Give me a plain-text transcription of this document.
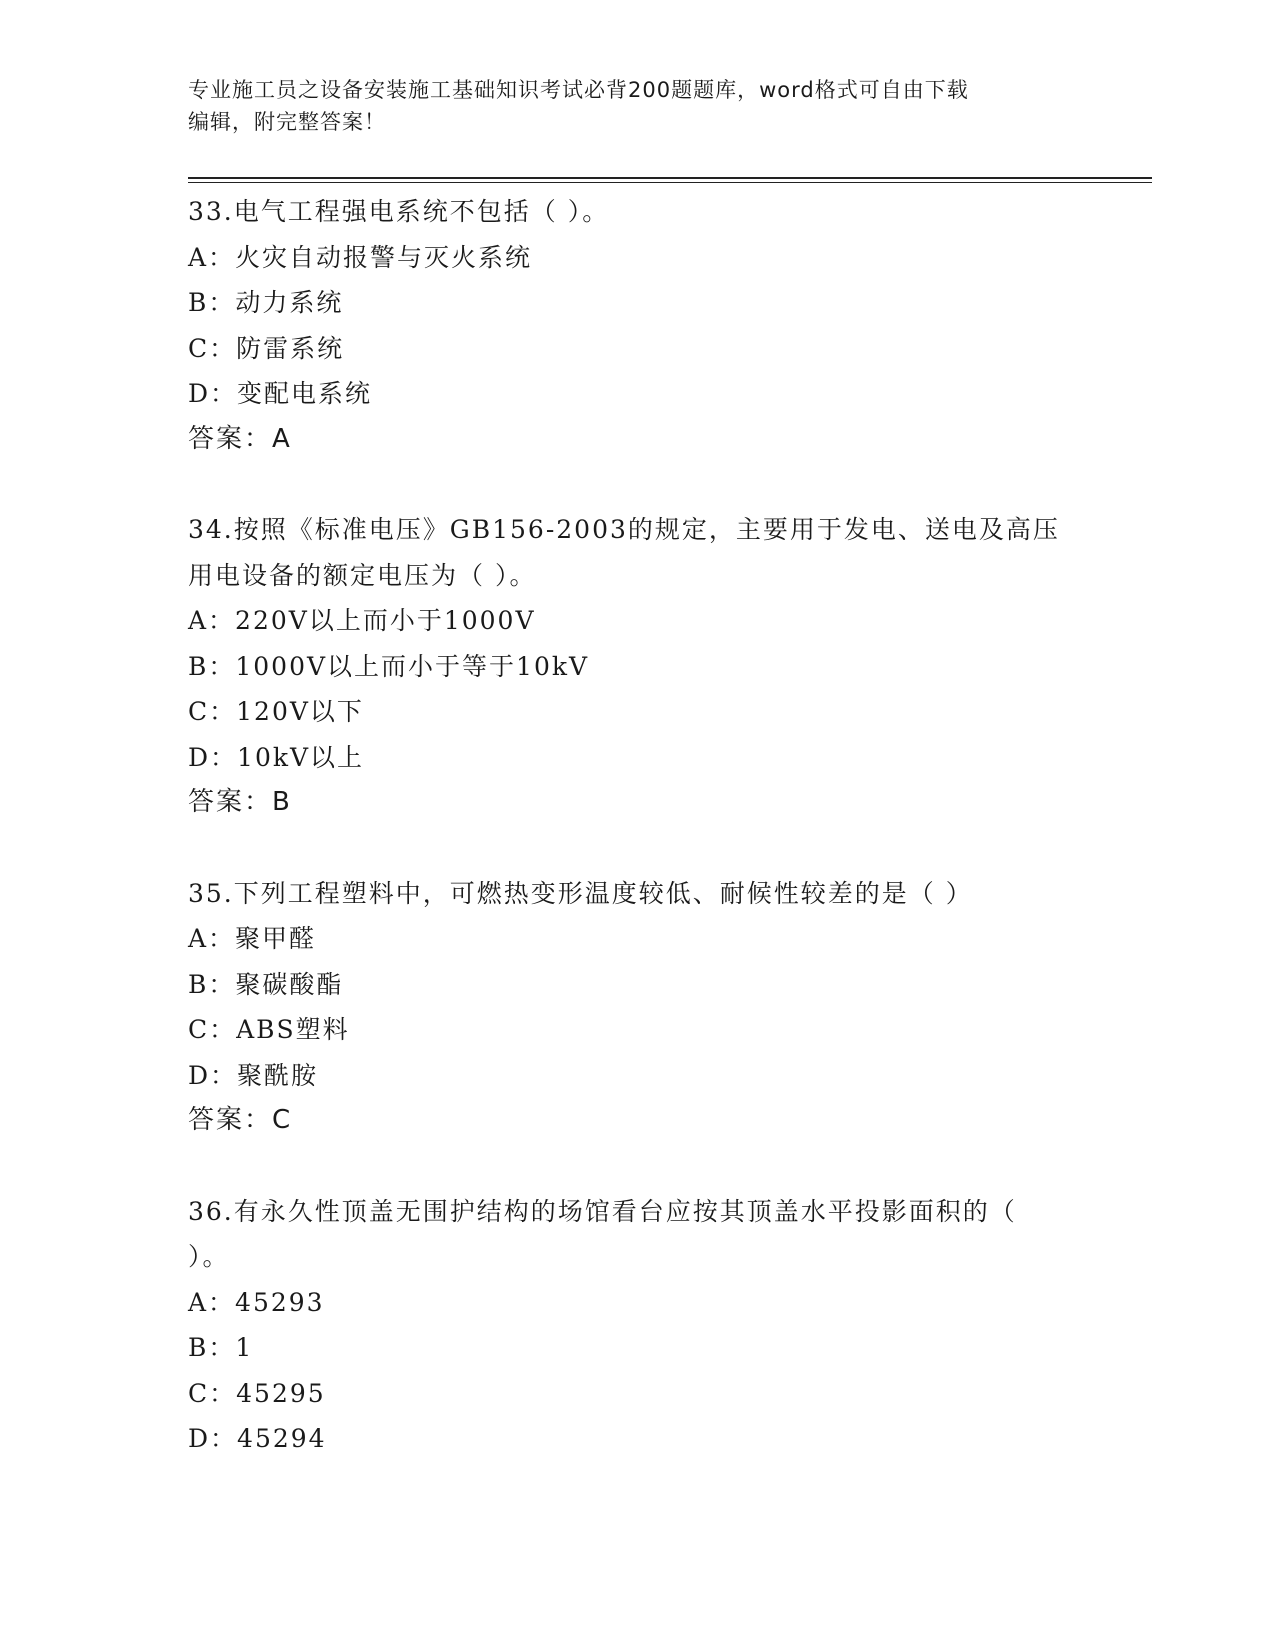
专业施工员之设备安装施工基础知识考试必背200题题库，word格式可自由下载
编辑，附完整答案！
33.电气工程强电系统不包括（ ）。
A：火灾自动报警与灭火系统
B：动力系统
C：防雷系统
D：变配电系统
答案：A
34.按照《标准电压》GB156-2003的规定，主要用于发电、送电及高压
用电设备的额定电压为（ ）。
A：220V以上而小于1000V
B：1000V以上而小于等于10kV
C：120V以下
D：10kV以上
答案：B
35.下列工程塑料中，可燃热变形温度较低、耐候性较差的是（ ）
A：聚甲醛
B：聚碳酸酯
C：ABS塑料
D：聚酰胺
答案：C
36.有永久性顶盖无围护结构的场馆看台应按其顶盖水平投影面积的（
）。
A：45293
B：1
C：45295
D：45294
